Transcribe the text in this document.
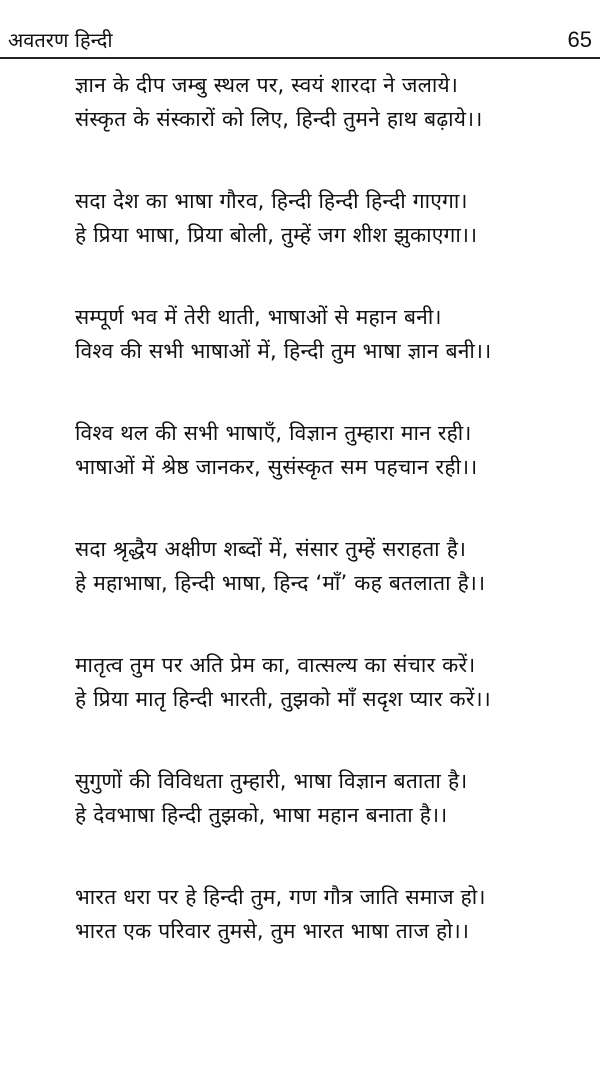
अवतरण हिन्दी	65
ज्ञान के दीप जम्बु स्थल पर, स्वयं शारदा ने जलाये।
संस्कृत के संस्कारों को लिए, हिन्दी तुमने हाथ बढ़ाये।।
सदा देश का भाषा गौरव, हिन्दी हिन्दी हिन्दी गाएगा।
हे प्रिया भाषा, प्रिया बोली, तुम्हें जग शीश झुकाएगा।।
सम्पूर्ण भव में तेरी थाती, भाषाओं से महान बनी।
विश्व की सभी भाषाओं में, हिन्दी तुम भाषा ज्ञान बनी।।
विश्व थल की सभी भाषाएँ, विज्ञान तुम्हारा मान रही।
भाषाओं में श्रेष्ठ जानकर, सुसंस्कृत सम पहचान रही।।
सदा श्रृद्धैय अक्षीण शब्दों में, संसार तुम्हें सराहता है।
हे महाभाषा, हिन्दी भाषा, हिन्द ‘माँ’ कह बतलाता है।।
मातृत्व तुम पर अति प्रेम का, वात्सल्य का संचार करें।
हे प्रिया मातृ हिन्दी भारती, तुझको माँ सदृश प्यार करें।।
सुगुणों की विविधता तुम्हारी, भाषा विज्ञान बताता है।
हे देवभाषा हिन्दी तुझको, भाषा महान बनाता है।।
भारत धरा पर हे हिन्दी तुम, गण गौत्र जाति समाज हो।
भारत एक परिवार तुमसे, तुम भारत भाषा ताज हो।।
